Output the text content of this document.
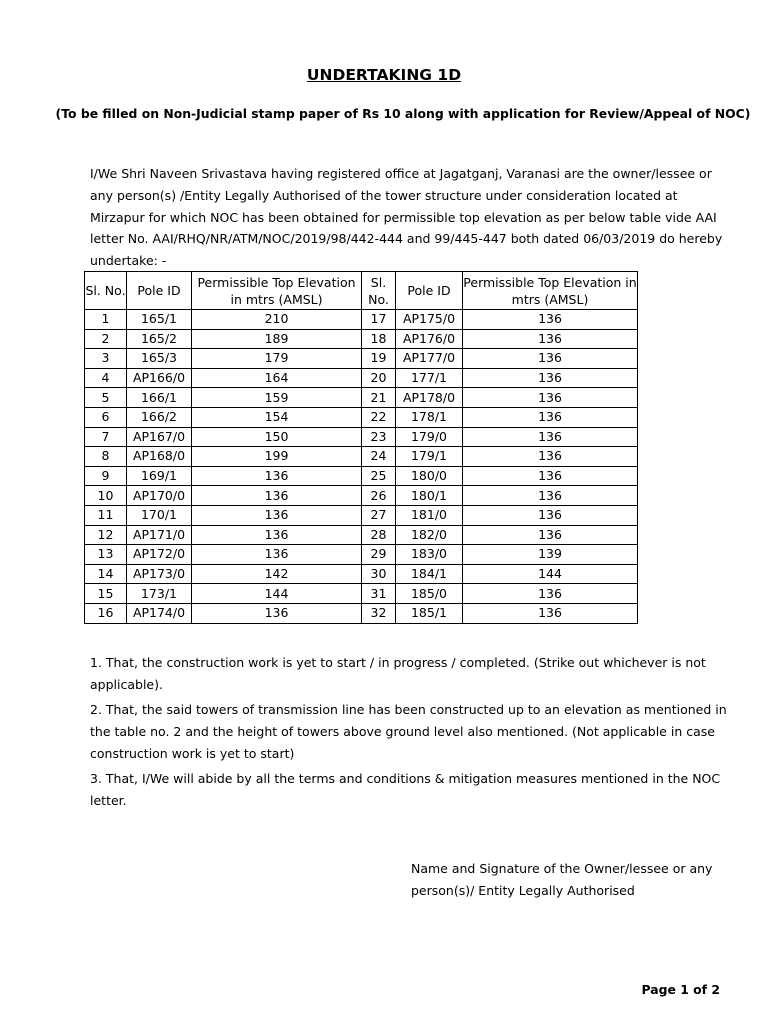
UNDERTAKING 1D
(To be filled on Non-Judicial stamp paper of Rs 10 along with application for Review/Appeal of NOC)
I/We Shri Naveen Srivastava having registered office at Jagatganj, Varanasi are the owner/lessee or any person(s) /Entity Legally Authorised of the tower structure under consideration located at Mirzapur for which NOC has been obtained for permissible top elevation as per below table vide AAI letter No. AAI/RHQ/NR/ATM/NOC/2019/98/442-444 and 99/445-447 both dated 06/03/2019 do hereby undertake: -
Sl. No.	Pole ID	Permissible Top Elevation in mtrs (AMSL)	Sl. No.	Pole ID	Permissible Top Elevation in mtrs (AMSL)
1	165/1	210	17	AP175/0	136
2	165/2	189	18	AP176/0	136
3	165/3	179	19	AP177/0	136
4	AP166/0	164	20	177/1	136
5	166/1	159	21	AP178/0	136
6	166/2	154	22	178/1	136
7	AP167/0	150	23	179/0	136
8	AP168/0	199	24	179/1	136
9	169/1	136	25	180/0	136
10	AP170/0	136	26	180/1	136
11	170/1	136	27	181/0	136
12	AP171/0	136	28	182/0	136
13	AP172/0	136	29	183/0	139
14	AP173/0	142	30	184/1	144
15	173/1	144	31	185/0	136
16	AP174/0	136	32	185/1	136

1. That, the construction work is yet to start / in progress / completed. (Strike out whichever is not applicable).

2. That, the said towers of transmission line has been constructed up to an elevation as mentioned in the table no. 2 and the height of towers above ground level also mentioned. (Not applicable in case construction work is yet to start)

3. That, I/We will abide by all the terms and conditions & mitigation measures mentioned in the NOC letter.

Name and Signature of the Owner/lessee or any
person(s)/ Entity Legally Authorised
Page 1 of 2
